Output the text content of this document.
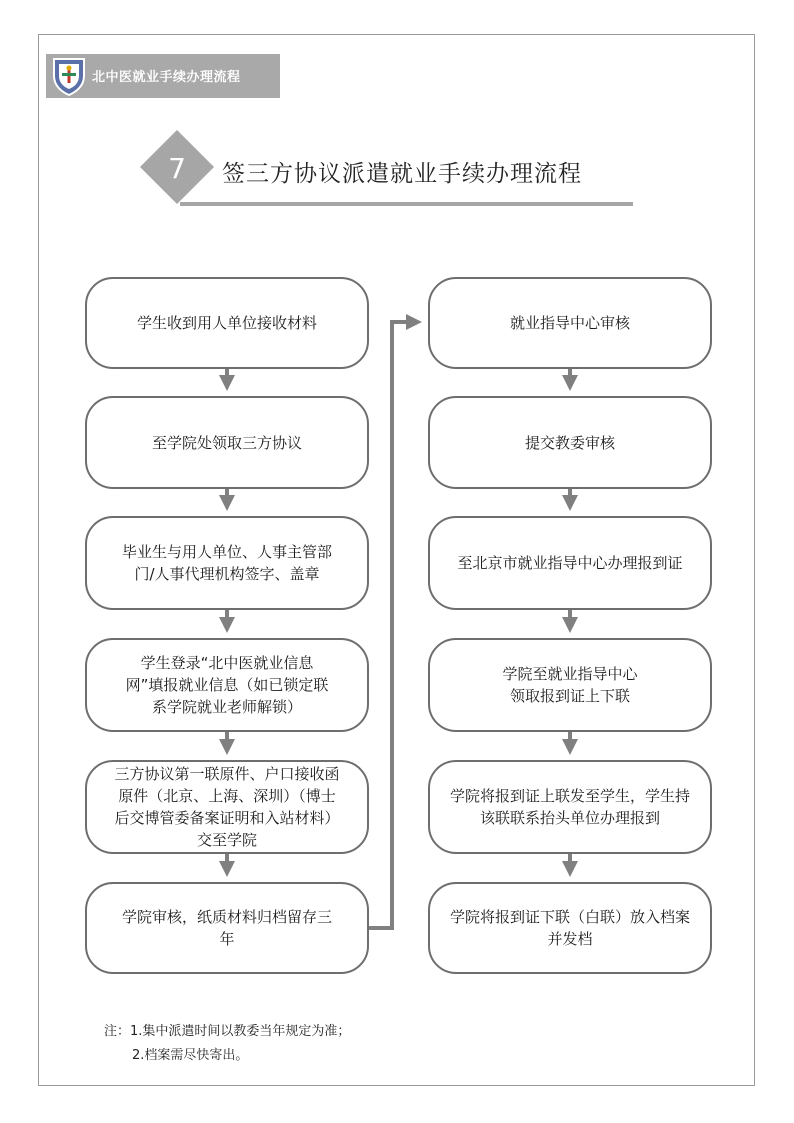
北中医就业手续办理流程
7 签三方协议派遣就业手续办理流程
学生收到用人单位接收材料
至学院处领取三方协议
毕业生与用人单位、人事主管部
门/人事代理机构签字、盖章
学生登录“北中医就业信息
网”填报就业信息（如已锁定联
系学院就业老师解锁）
三方协议第一联原件、户口接收函
原件（北京、上海、深圳）（博士
后交博管委备案证明和入站材料）
交至学院
学院审核，纸质材料归档留存三
年
就业指导中心审核
提交教委审核
至北京市就业指导中心办理报到证
学院至就业指导中心
领取报到证上下联
学院将报到证上联发至学生，学生持
该联联系抬头单位办理报到
学院将报到证下联（白联）放入档案
并发档
注：1.集中派遣时间以教委当年规定为准；
2.档案需尽快寄出。
